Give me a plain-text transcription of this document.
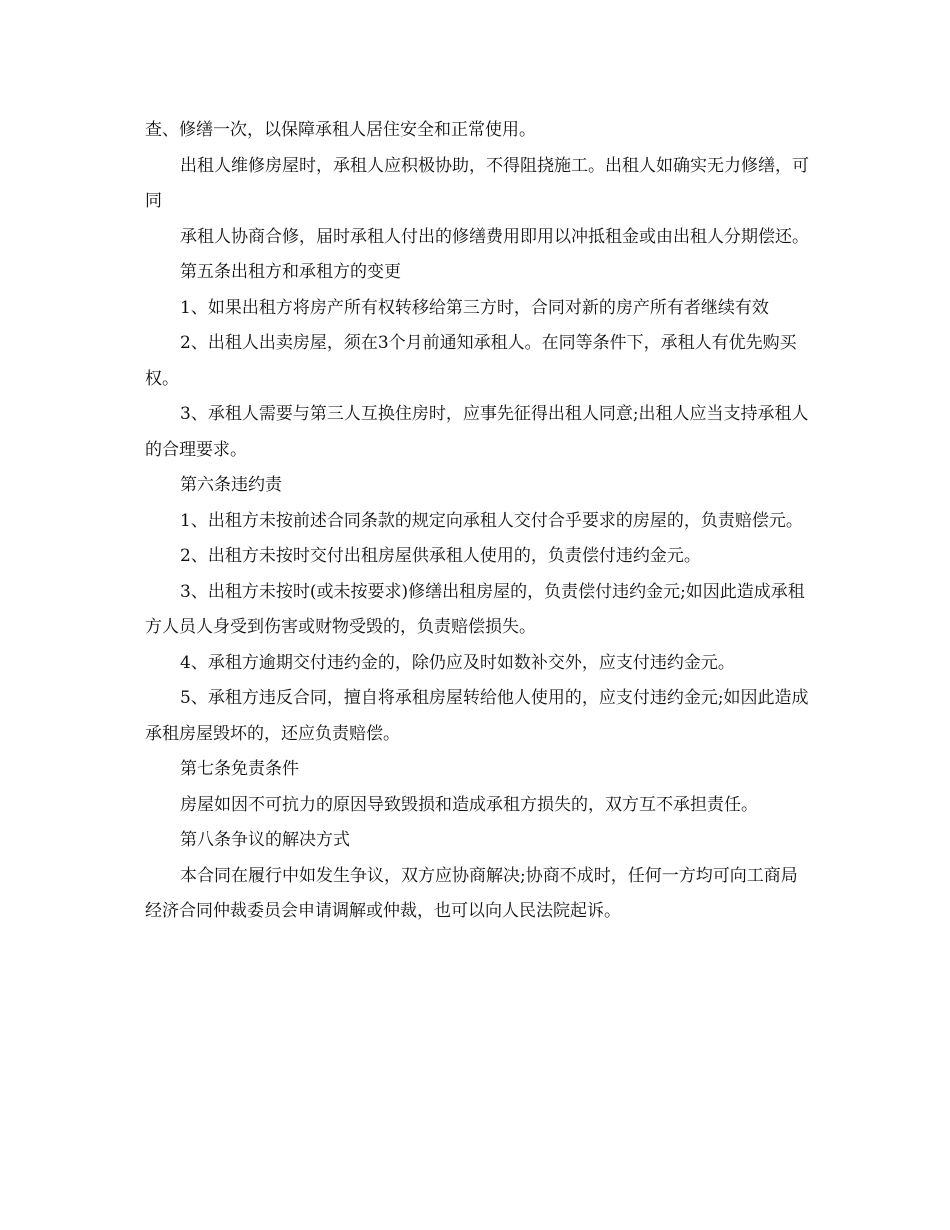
查、修缮一次，以保障承租人居住安全和正常使用。

出租人维修房屋时，承租人应积极协助，不得阻挠施工。出租人如确实无力修缮，可同

承租人协商合修，届时承租人付出的修缮费用即用以冲抵租金或由出租人分期偿还。

第五条出租方和承租方的变更

1、如果出租方将房产所有权转移给第三方时，合同对新的房产所有者继续有效

2、出租人出卖房屋，须在3个月前通知承租人。在同等条件下，承租人有优先购买权。

3、承租人需要与第三人互换住房时，应事先征得出租人同意;出租人应当支持承租人的合理要求。

第六条违约责

1、出租方未按前述合同条款的规定向承租人交付合乎要求的房屋的，负责赔偿元。

2、出租方未按时交付出租房屋供承租人使用的，负责偿付违约金元。

3、出租方未按时(或未按要求)修缮出租房屋的，负责偿付违约金元;如因此造成承租方人员人身受到伤害或财物受毁的，负责赔偿损失。

4、承租方逾期交付违约金的，除仍应及时如数补交外，应支付违约金元。

5、承租方违反合同，擅自将承租房屋转给他人使用的，应支付违约金元;如因此造成承租房屋毁坏的，还应负责赔偿。

第七条免责条件

房屋如因不可抗力的原因导致毁损和造成承租方损失的，双方互不承担责任。

第八条争议的解决方式

本合同在履行中如发生争议，双方应协商解决;协商不成时，任何一方均可向工商局经济合同仲裁委员会申请调解或仲裁，也可以向人民法院起诉。
